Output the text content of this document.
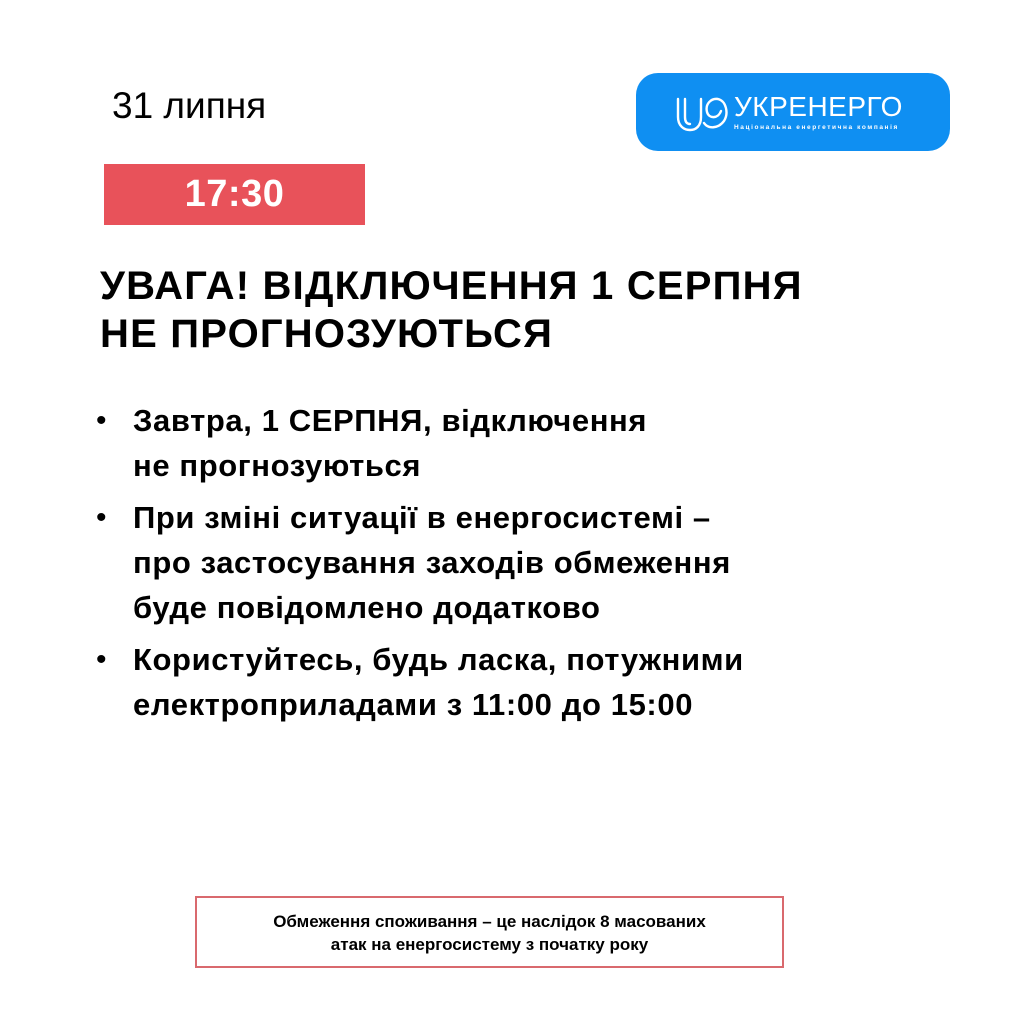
31 липня	УКРЕНЕРГО
Національна енергетична компанія
17:30
УВАГА! ВІДКЛЮЧЕННЯ 1 СЕРПНЯ
НЕ ПРОГНОЗУЮТЬСЯ
• Завтра, 1 СЕРПНЯ, відключення
не прогнозуються
• При зміні ситуації в енергосистемі –
про застосування заходів обмеження
буде повідомлено додатково
• Користуйтесь, будь ласка, потужними
електроприладами з 11:00 до 15:00
Обмеження споживання – це наслідок 8 масованих
атак на енергосистему з початку року
